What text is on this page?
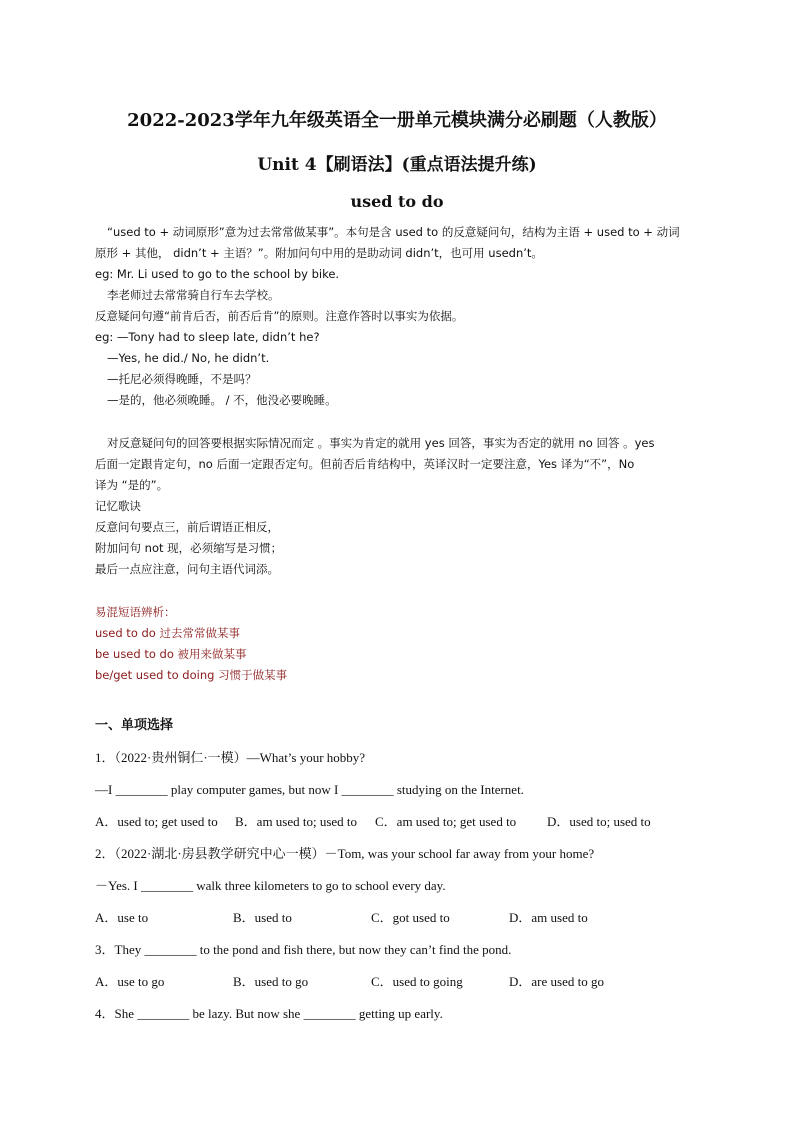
2022-2023学年九年级英语全一册单元模块满分必刷题（人教版）
Unit 4【刷语法】(重点语法提升练)
used to do

“used to + 动词原形”意为过去常常做某事”。本句是含 used to 的反意疑问句，结构为主语 + used to + 动词

原形 + 其他， didn’t + 主语？”。附加问句中用的是助动词 didn’t，也可用 usedn’t。

eg: Mr. Li used to go to the school by bike.

李老师过去常常骑自行车去学校。

反意疑问句遵“前肯后否，前否后肯”的原则。注意作答时以事实为依据。

eg: —Tony had to sleep late, didn’t he?

—Yes, he did./ No, he didn’t.

—托尼必须得晚睡，不是吗？

—是的，他必须晚睡。 / 不，他没必要晚睡。

对反意疑问句的回答要根据实际情况而定 。事实为肯定的就用 yes 回答，事实为否定的就用 no 回答 。yes

后面一定跟肯定句，no 后面一定跟否定句。但前否后肯结构中，英译汉时一定要注意，Yes 译为“不”，No

译为 “是的”。

记忆歌诀

反意问句要点三，前后谓语正相反，

附加问句 not 现，必须缩写是习惯；

最后一点应注意，问句主语代词添。

易混短语辨析：

used to do 过去常常做某事

be used to do 被用来做某事

be/get used to doing 习惯于做某事

一、单项选择

1．（2022·贵州铜仁·一模）—What’s your hobby?

—I ________ play computer games, but now I ________ studying on the Internet.

A．used to; get used to	B．am used to; used to	C．am used to; get used to	D．used to; used to

2．（2022·湖北·房县教学研究中心一模）－Tom, was your school far away from your home?

－Yes. I ________ walk three kilometers to go to school every day.

A．use to	B．used to	C．got used to	D．am used to

3．They ________ to the pond and fish there, but now they can’t find the pond.

A．use to go	B．used to go	C．used to going	D．are used to go

4．She ________ be lazy. But now she ________ getting up early.
